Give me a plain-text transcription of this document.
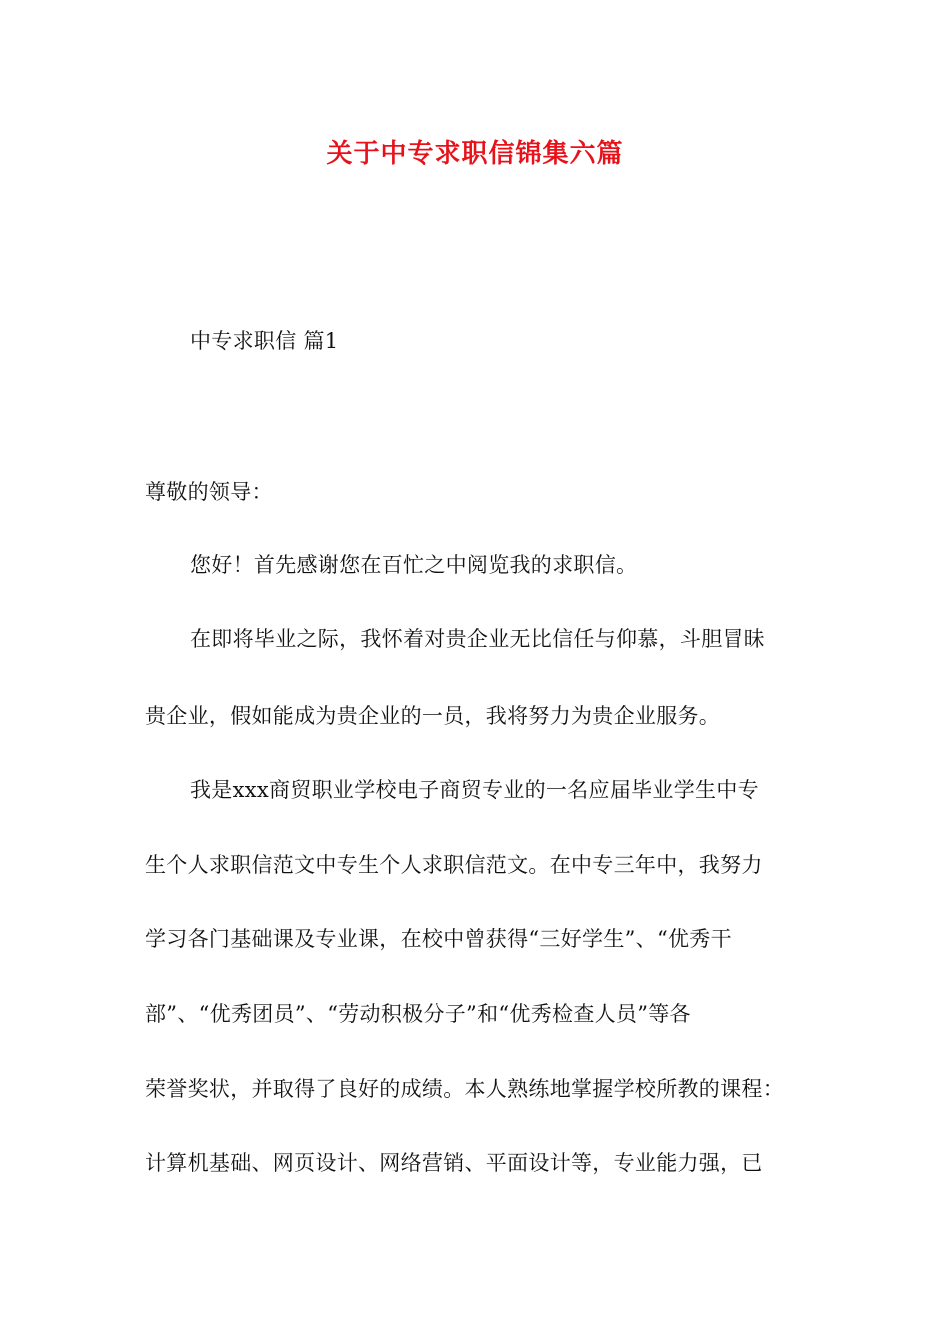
关于中专求职信锦集六篇
中专求职信 篇1
尊敬的领导：
您好！首先感谢您在百忙之中阅览我的求职信。
在即将毕业之际，我怀着对贵企业无比信任与仰慕，斗胆冒昧
贵企业，假如能成为贵企业的一员，我将努力为贵企业服务。
我是xxx商贸职业学校电子商贸专业的一名应届毕业学生中专
生个人求职信范文中专生个人求职信范文。在中专三年中，我努力
学习各门基础课及专业课，在校中曾获得“三好学生”、“优秀干
部”、“优秀团员”、“劳动积极分子”和“优秀检查人员”等各
荣誉奖状，并取得了良好的成绩。本人熟练地掌握学校所教的课程：
计算机基础、网页设计、网络营销、平面设计等，专业能力强，已
